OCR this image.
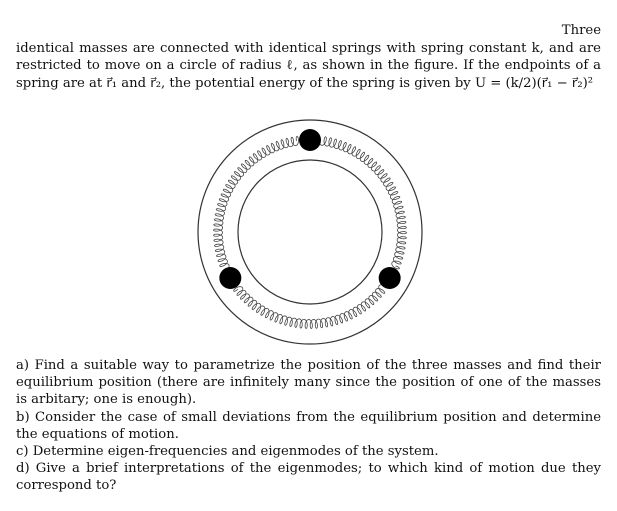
Three
identical masses are connected with identical springs with spring constant k, and are restricted to move on a circle of radius ℓ, as shown in the figure. If the endpoints of a spring are at r⃗₁ and r⃗₂, the potential energy of the spring is given by U = (k/2)(r⃗₁ − r⃗₂)²

a) Find a suitable way to parametrize the position of the three masses and find their equilibrium position (there are infinitely many since the position of one of the masses is arbitary; one is enough).

b) Consider the case of small deviations from the equilibrium position and determine the equations of motion.

c) Determine eigen-frequencies and eigenmodes of the system.

d) Give a brief interpretations of the eigenmodes; to which kind of motion due they correspond to?
